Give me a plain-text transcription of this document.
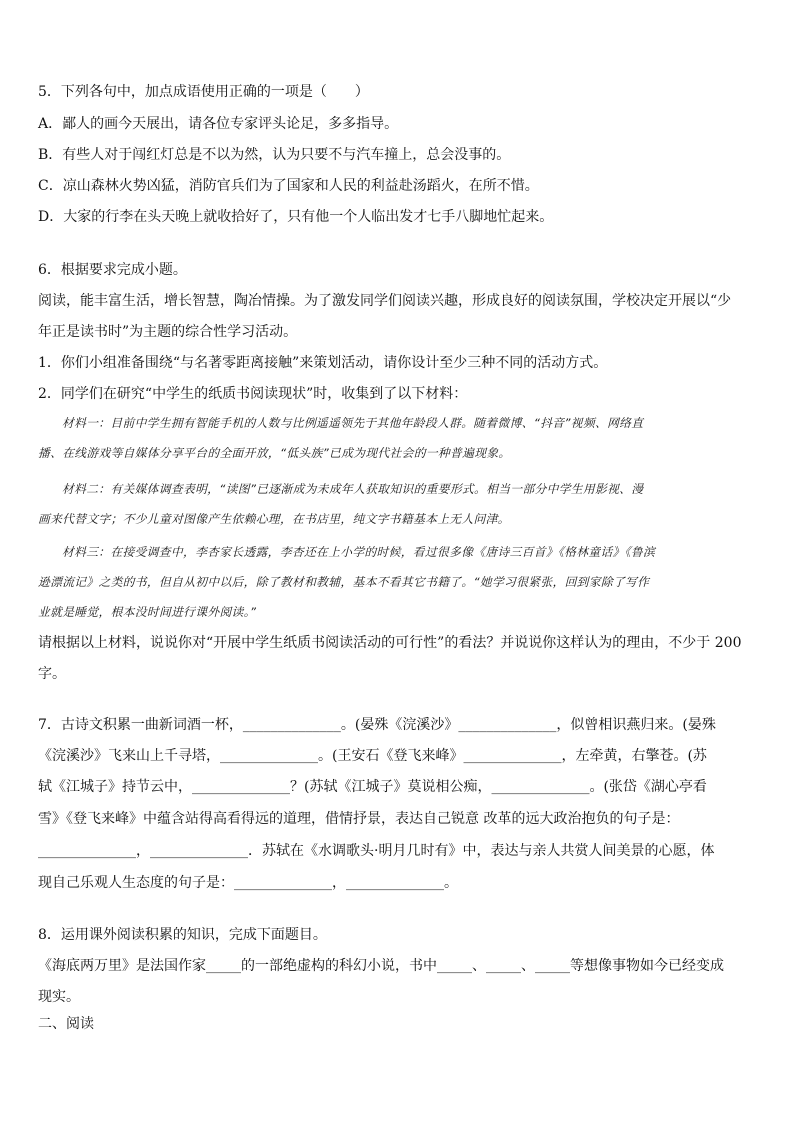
5．下列各句中，加点成语使用正确的一项是（　　）
A．鄙人的画今天展出，请各位专家评头论足，多多指导。
B．有些人对于闯红灯总是不以为然，认为只要不与汽车撞上，总会没事的。
C．凉山森林火势凶猛，消防官兵们为了国家和人民的利益赴汤蹈火，在所不惜。
D．大家的行李在头天晚上就收拾好了，只有他一个人临出发才七手八脚地忙起来。
6．根据要求完成小题。
阅读，能丰富生活，增长智慧，陶冶情操。为了激发同学们阅读兴趣，形成良好的阅读氛围，学校决定开展以“少
年正是读书时”为主题的综合性学习活动。
1．你们小组准备围绕“与名著零距离接触”来策划活动，请你设计至少三种不同的活动方式。
2．同学们在研究“中学生的纸质书阅读现状”时，收集到了以下材料：
材料一：目前中学生拥有智能手机的人数与比例遥遥领先于其他年龄段人群。随着微博、“抖音”视频、网络直
播、在线游戏等自媒体分享平台的全面开放，“低头族”已成为现代社会的一种普遍现象。
材料二：有关媒体调查表明，“读图”已逐渐成为未成年人获取知识的重要形式。相当一部分中学生用影视、漫
画来代替文字；不少儿童对图像产生依赖心理，在书店里，纯文字书籍基本上无人问津。
材料三：在接受调查中，李杏家长透露，李杏还在上小学的时候，看过很多像《唐诗三百首》《格林童话》《鲁滨
逊漂流记》之类的书，但自从初中以后，除了教材和教辅，基本不看其它书籍了。“她学习很紧张，回到家除了写作
业就是睡觉，根本没时间进行课外阅读。”
请根据以上材料，说说你对“开展中学生纸质书阅读活动的可行性”的看法？并说说你这样认为的理由，不少于 200
字。
7．古诗文积累一曲新词酒一杯，______________。(晏殊《浣溪沙》______________，似曾相识燕归来。(晏殊
《浣溪沙》飞来山上千寻塔，______________。(王安石《登飞来峰》______________，左牵黄，右擎苍。(苏
轼《江城子》持节云中，______________？(苏轼《江城子》莫说相公痴，______________。(张岱《湖心亭看
雪》《登飞来峰》中蕴含站得高看得远的道理，借情抒景，表达自己锐意 改革的远大政治抱负的句子是：
______________，______________．苏轼在《水调歌头·明月几时有》中，表达与亲人共赏人间美景的心愿，体
现自己乐观人生态度的句子是：______________，______________。
8．运用课外阅读积累的知识，完成下面题目。
《海底两万里》是法国作家_____的一部绝虚构的科幻小说，书中_____、_____、_____等想像事物如今已经变成
现实。
二、阅读
